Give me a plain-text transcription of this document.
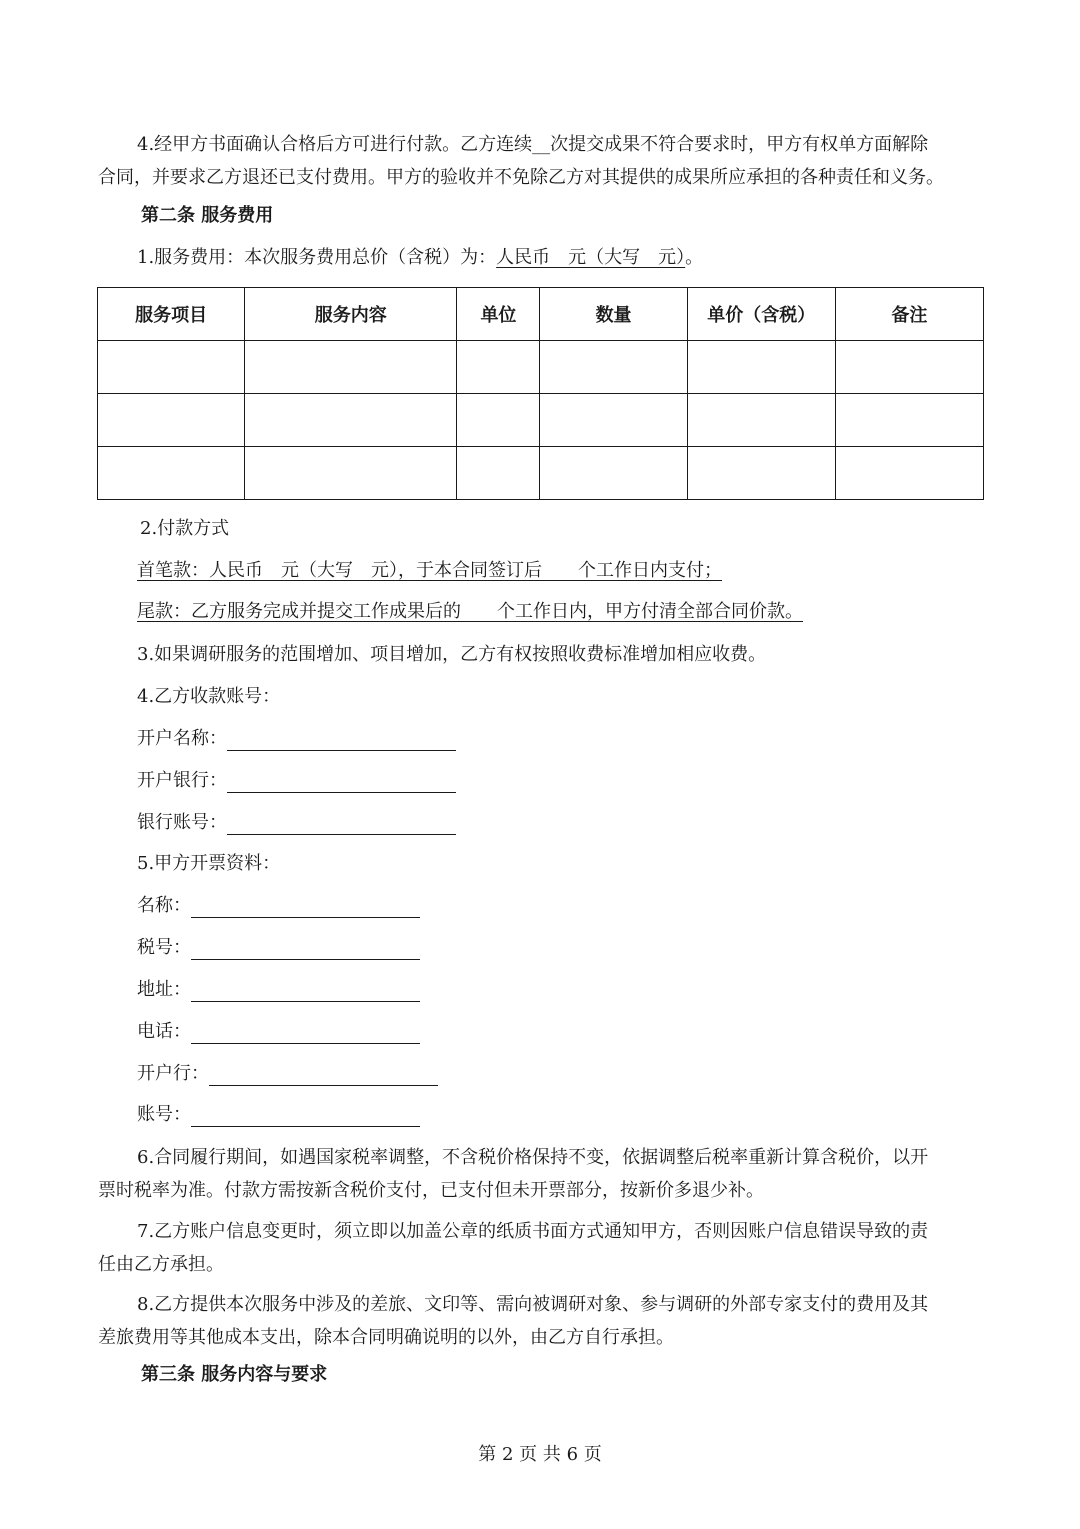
4.经甲方书面确认合格后方可进行付款。乙方连续__次提交成果不符合要求时，甲方有权单方面解除
合同，并要求乙方退还已支付费用。甲方的验收并不免除乙方对其提供的成果所应承担的各种责任和义务。
第二条 服务费用
1.服务费用：本次服务费用总价（含税）为：人民币　元（大写　元）。
服务项目	服务内容	单位	数量	单价（含税）	备注

2.付款方式
首笔款：人民币　元（大写　元），于本合同签订后　　个工作日内支付；
尾款：乙方服务完成并提交工作成果后的　　个工作日内，甲方付清全部合同价款。
3.如果调研服务的范围增加、项目增加，乙方有权按照收费标准增加相应收费。
4.乙方收款账号：
开户名称：
开户银行：
银行账号：
5.甲方开票资料：
名称：
税号：
地址：
电话：
开户行：
账号：
6.合同履行期间，如遇国家税率调整，不含税价格保持不变，依据调整后税率重新计算含税价，以开
票时税率为准。付款方需按新含税价支付，已支付但未开票部分，按新价多退少补。
7.乙方账户信息变更时，须立即以加盖公章的纸质书面方式通知甲方，否则因账户信息错误导致的责
任由乙方承担。
8.乙方提供本次服务中涉及的差旅、文印等、需向被调研对象、参与调研的外部专家支付的费用及其
差旅费用等其他成本支出，除本合同明确说明的以外，由乙方自行承担。
第三条 服务内容与要求
第 2 页 共 6 页
